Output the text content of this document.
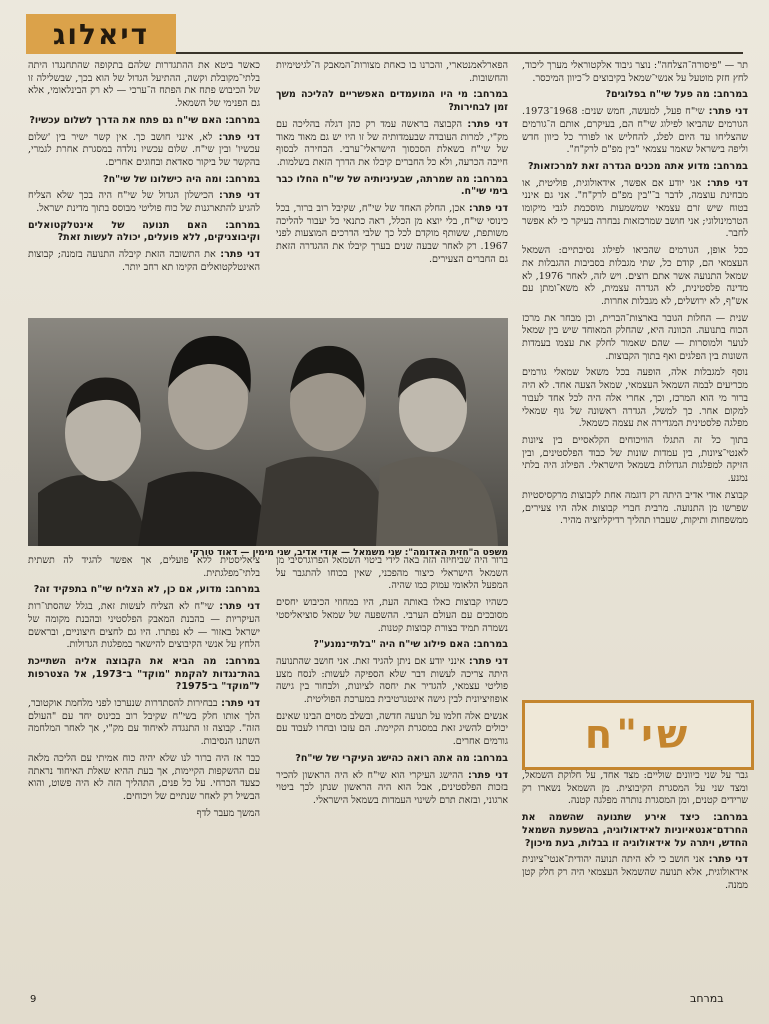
דיאלוג

תר — "פיסורה־הצלחה": נוצר גיבוד אלקטוראלי מערך ליכוד, לחץ חזק מוטעל על אנשי־שמאל בקיבוצים ל־כיוון המיכסר.

במרחב: מה פעל שי"ח בפלוגים?

דני פתר: שי"ח פעל, למעשה, חמש שנים: 1968־1973. הגורמים שהביאו לפילוג שי"ח הם, בעיקרם, אותם ה־גורמים שהצליחו עד היום לפלג, להחליש או לפורר כל כיוון חדש וליפה בישראל שאמר עצמאי "בין מפ"ם לרק"ח".

במרחב: מדוע אתה מכנים הגדרה זאת למרכזאות?

דני פתר: אני יודע אם אפשר, אידאולוגית, פוליטית, או מבחינת עוצמה, לדבר ב־"בין מפ"ם לרק"ח". אני גם אינני בטוח שיש זרם עצמאי שמשמעות מוסכמת לגבי מיקומו הטרמינולוגי; אני חושב שמרכזאות נבחרה בעיקר כי לא אפשר לחבר.

ככל אופן, הגורמים שהביאו לפילוג נסיבתיים: השמאל העצמאי הם, קודם כל, שתי מגבלות בסביבות ההגבלות את שמאל התנועה אשר אתם רוצים. ויש לזה, לאחר 1976, לא מדינה פלסטינית, לא הגדרה עצמית, לא משא־ומתן עם אש"ף, לא ירושלים, לא מגבלות אחרות.

שנית — החלות הגובר בארצות־הברית, וכן מבחר את מרכז הכוח בתנועה. הכוונה היא, שהחלק המאוחד שיש בין שמאל לנוער ולמוסרות — שהם שאמור לחלק את עצמו בעמדות השונות בין הפלגים ואף בתוך הקבוצות.

נוסף למגבלות אלה, הופעה בכל משאל שמאלי גורמים מכריעים לבמה השמאל העצמאי, שמאל הצעה אחד. לא היה ברור מי הוא המרכז, וכך, אחרי אלה היה לכל אחד לעבור למקום אחר. כך למשל, הגדרה ראשונה של גוף שמאלי מפלגה פלסטינית המגדירה את עצמה כשמאל.

בתוך כל זה התגלו הוויכוחים הקלאסיים בין ציונות לאנטי־ציונות, בין עמדות שונות של כבוד הפלסטינים, ובין הזיקה למפלגות הגדולות בשמאל הישראלי. הפילוג היה בלתי נמנע.

קבוצת אודי אדיב היתה רק דוגמה אחת לקבוצות מרקסיסטיות שפרשו מן התנועה. מרבית חברי קבוצות אלה היו צעירים, ממשפחות ותיקות, שעברו תהליך רדיקליזציה מהיר.

הפארלאמנטארי, והכרנו בו כאחת מצורות־המאבק ה־לגיטימיות והחשובות.

במרחב: מי היו המועמדים האפשריים להליכה משך זמן לבחירות?

דני פתר: הקבוצה בראשה עמד רק כהן דגלה בהליכה עם מק"י, למרות העובדה שבעמדותיה של זו היו יש גם מאוד מאוד של שי"ח בשאלת הסכסוך הישראלי־ערבי. הבחירה לבסוף חייבה הכרעה, ולא כל החברים קיבלו את הדרך הזאת בשלמות.

במרחב: מה שמרתה, שבעיניותיה של שי"ח החלו כבר בימי שי"ח.

דני פתר: אכן, החלק האחד של שי"ח, שקיבל רוב ברור, בכל כינוסי שי"ח, בלי יוצא מן הכלל, ראה כתנאי כל יעבור להליכה משותפת, ששותף מוקדם לכל כך שלבי הדרכים המוצעות לפני 1967. רק לאחר שבעה שנים בערך קיבלו את ההגדרה הזאת גם החברים הצעירים.

כאשר ביטא את ההתגדרות שלהם בתקופה שהתחנגדו היתה בלתי־מקובלת וקשה, ההתיעל הגדול של הוא בכך, שבשלילה זו של הכיבוש פתח את הפתח ה־ערכי — לא רק הבינלאומי, אלא גם הפנימי של השמאל.

במרחב: האם שי"ח גם פתח את הדרך לשלום עכשיו?

דני פתר: לא, אינני חושב כך. אין קשר ישיר בין 'שלום עכשיו' ובין שי"ח. שלום עכשיו נולדה במסגרת אחרת לגמרי, בהקשר של ביקור סאדאת ובחוגים אחרים.

במרחב: ומה היה כישלונו של שי"ח?

דני פתר: הכישלון הגדול של שי"ח היה בכך שלא הצליח להגיע להתארגנות של כוח פוליטי מבוסס בתוך מדינת ישראל.

במרחב: האם תנועה של אינטלקטואלים וקיבוצניקים, ללא פועלים, יכולה לעשות זאת?

דני פתר: את התשובה הזאת קיבלה התנועה בזמנה; קבוצות האינטלקטואלים הקימו תא רחב יותר.

משפט ה"חזית האדומה": שני משמאל — אודי אדיב, שני מימין — דאוד טורקי

ברור היה שביחיזה הזה באה לידי ביטוי השמאל הפרוגרסיבי מן השמאל הישראלי כיצור מהפכני, שאין בכוחו להתגבר על המפעל הלאומי עמוק כמו שהיה.

כשהיו קבוצות כאלו באותה העת, היו במחוזי הכיבוש יחסים מסובכים עם העולם הערבי. ההשפעה של שמאל סוציאליסטי נשמרה תמיד בצורת קבוצות קטנות.

במרחב: האם פילוג שי"ח היה "בלתי־נמנע"?

דני פתר: אינני יודע אם ניתן להגיד זאת. אני חושב שהתנועה היתה צריכה לעשות דבר שלא הספיקה לעשות: לנסח מצע פוליטי עצמאי, להגדיר את יחסה לציונות, ולבחור בין גישה אופוזיציונית לבין גישה אינטגרטיבית במערכת הפוליטית.

אנשים אלה חלמו על תנועה חדשה, ובשלב מסוים הבינו שאינם יכולים להשיג זאת במסגרת הקיימת. הם עזבו ובחרו לעבוד עם גורמים אחרים.

במרחב: מה אתה רואה כהישג העיקרי של שי"ח?

דני פתר: ההישג העיקרי הוא שי"ח לא היה הראשון להכיר בזכות הפלסטינים, אבל הוא היה הראשון שנתן לכך ביטוי ארגוני, ובזאת תרם לשינוי העמדות בשמאל הישראלי.

ציאליסטית ללא פועלים, אך אפשר להגיד לה תשתית בלתי־מפלגתית.

במרחב: מדוע, אם כן, לא הצליח שי"ח בתפקיד זה?

דני פתר: שי"ח לא הצליח לעשות זאת, בגלל שהסתו־רות העיקריות — בהבנת המאבק הפלסטיני ובהבנת מקומה של ישראל באזור — לא נפתרו. היו גם לחצים חיצוניים, ובראשם הלחץ על אנשי הקיבוצים להישאר במפלגות הגדולות.

במרחב: מה הביא את הקבוצה אליה השתייכת בהת־נגדות להקמת "מוקד" ב־1973, אל הצטרפות ל"מוקד" ב־1975?

דני פתר: בבחירות להסתדרות שנערכו לפני מלחמת אוקטובר, הלך אותו חלק בשי"ח שקיבל רוב בכינוס יחד עם "העולם הזה". קבוצה זו התנגדה לאיחוד עם מק"י, אך לאחר המלחמה השתנו הנסיבות.

כבר אז היה ברור לנו שלא יהיה כוח אמיתי עם הליכה מלאה עם ההשקפות הקיימות, אך בעת ההיא שאלת האיחוד נראתה כצעד הכרחי. על כל פנים, התהליך הזה לא היה פשוט, והוא הבשיל רק לאחר שנתיים של ויכוחים.

המשך מעבר לדף

שי"ח

גבר על שני כיוונים שוליים: מצד אחד, על חלוקת השמאל, ומצד שני על המסגרת הקיבוצית. מן השמאל נשארו רק שרידים קטנים, ומן המסגרת נותרה מפלגה קטנה.

במרחב: כיצד אירע שתנועה שהשמה את החרדם־אנטאיוניות לאידאולוגיה, בהשפעת השמאל החדש, ויתרה על אידאולוגיה זו בבלות, בעת מיכון?

דני פתר: אני חושב כי לא היתה תנועה יהודית־אנטי־ציונית אידאולוגית, אלא תנועה שהשמאל העצמאי היה רק חלק קטן ממנה.

9	במרחב
